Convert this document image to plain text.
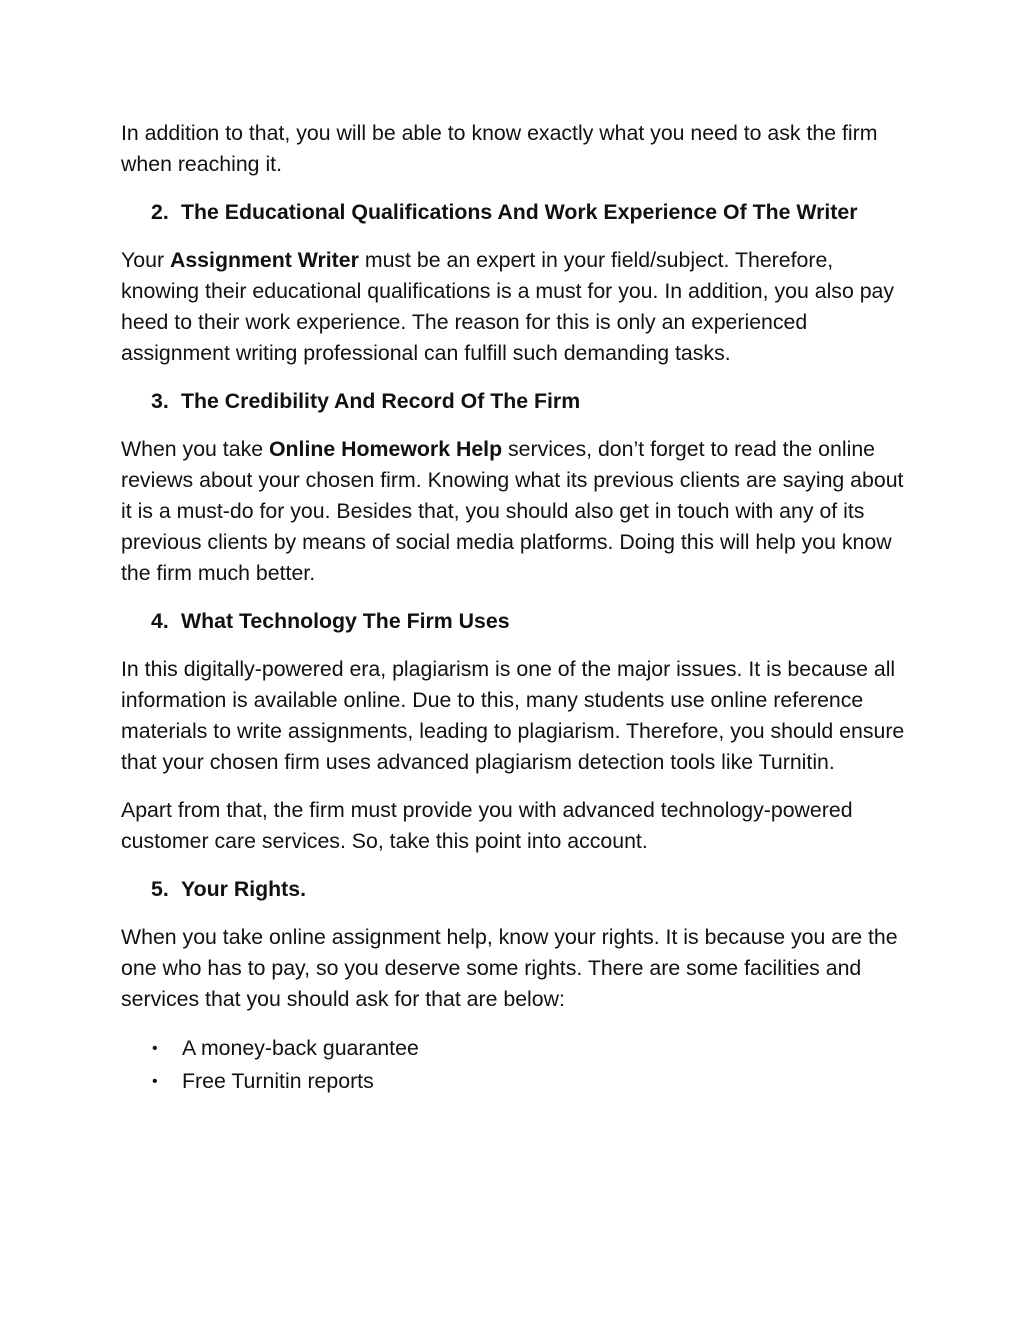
In addition to that, you will be able to know exactly what you need to ask the firm when reaching it.

2. The Educational Qualifications And Work Experience Of The Writer

Your Assignment Writer must be an expert in your field/subject. Therefore, knowing their educational qualifications is a must for you. In addition, you also pay heed to their work experience. The reason for this is only an experienced assignment writing professional can fulfill such demanding tasks.

3. The Credibility And Record Of The Firm

When you take Online Homework Help services, don’t forget to read the online reviews about your chosen firm. Knowing what its previous clients are saying about it is a must-do for you. Besides that, you should also get in touch with any of its previous clients by means of social media platforms. Doing this will help you know the firm much better.

4. What Technology The Firm Uses

In this digitally-powered era, plagiarism is one of the major issues. It is because all information is available online. Due to this, many students use online reference materials to write assignments, leading to plagiarism. Therefore, you should ensure that your chosen firm uses advanced plagiarism detection tools like Turnitin.

Apart from that, the firm must provide you with advanced technology-powered customer care services. So, take this point into account.

5. Your Rights.

When you take online assignment help, know your rights. It is because you are the one who has to pay, so you deserve some rights. There are some facilities and services that you should ask for that are below:

•	A money-back guarantee
•	Free Turnitin reports
